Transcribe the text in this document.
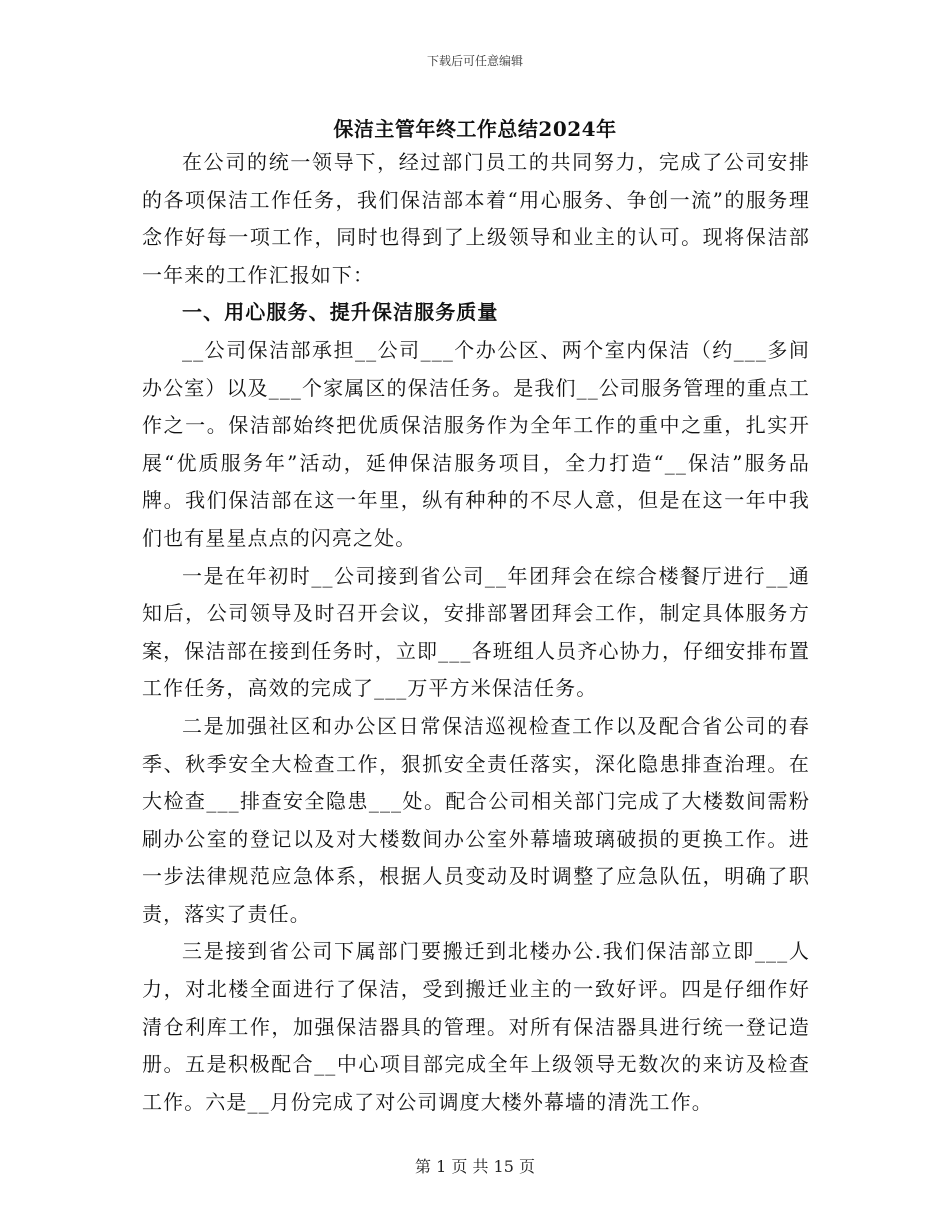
下载后可任意编辑
保洁主管年终工作总结2024年

在公司的统一领导下，经过部门员工的共同努力，完成了公司安排的各项保洁工作任务，我们保洁部本着“用心服务、争创一流”的服务理念作好每一项工作，同时也得到了上级领导和业主的认可。现将保洁部一年来的工作汇报如下：

一、用心服务、提升保洁服务质量

__公司保洁部承担__公司___个办公区、两个室内保洁（约___多间办公室）以及___个家属区的保洁任务。是我们__公司服务管理的重点工作之一。保洁部始终把优质保洁服务作为全年工作的重中之重，扎实开展“优质服务年”活动，延伸保洁服务项目，全力打造“__保洁”服务品牌。我们保洁部在这一年里，纵有种种的不尽人意，但是在这一年中我们也有星星点点的闪亮之处。

一是在年初时__公司接到省公司__年团拜会在综合楼餐厅进行__通知后，公司领导及时召开会议，安排部署团拜会工作，制定具体服务方案，保洁部在接到任务时，立即___各班组人员齐心协力，仔细安排布置工作任务，高效的完成了___万平方米保洁任务。

二是加强社区和办公区日常保洁巡视检查工作以及配合省公司的春季、秋季安全大检查工作，狠抓安全责任落实，深化隐患排查治理。在大检查___排查安全隐患___处。配合公司相关部门完成了大楼数间需粉刷办公室的登记以及对大楼数间办公室外幕墙玻璃破损的更换工作。进一步法律规范应急体系，根据人员变动及时调整了应急队伍，明确了职责，落实了责任。

三是接到省公司下属部门要搬迁到北楼办公.我们保洁部立即___人力，对北楼全面进行了保洁，受到搬迁业主的一致好评。四是仔细作好清仓利库工作，加强保洁器具的管理。对所有保洁器具进行统一登记造册。五是积极配合__中心项目部完成全年上级领导无数次的来访及检查工作。六是__月份完成了对公司调度大楼外幕墙的清洗工作。

第 1 页 共 15 页
